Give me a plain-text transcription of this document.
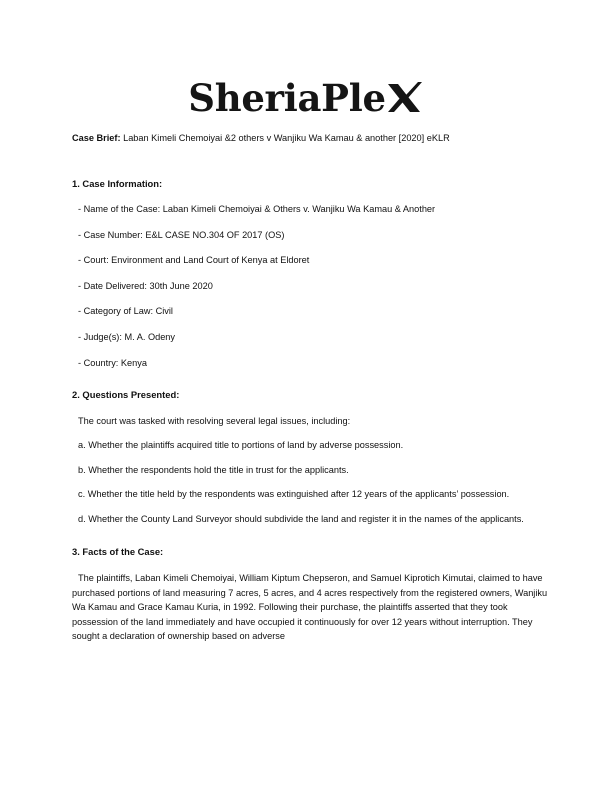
SheriaPle

Case Brief: Laban Kimeli Chemoiyai &2 others v Wanjiku Wa Kamau & another [2020] eKLR

1. Case Information:
- Name of the Case: Laban Kimeli Chemoiyai & Others v. Wanjiku Wa Kamau & Another
- Case Number: E&L CASE NO.304 OF 2017 (OS)
- Court: Environment and Land Court of Kenya at Eldoret
- Date Delivered: 30th June 2020
- Category of Law: Civil
- Judge(s): M. A. Odeny
- Country: Kenya
2. Questions Presented:

The court was tasked with resolving several legal issues, including:

a. Whether the plaintiffs acquired title to portions of land by adverse possession.

b. Whether the respondents hold the title in trust for the applicants.

c. Whether the title held by the respondents was extinguished after 12 years of the applicants’ possession.

d. Whether the County Land Surveyor should subdivide the land and register it in the names of the applicants.

3. Facts of the Case:

The plaintiffs, Laban Kimeli Chemoiyai, William Kiptum Chepseron, and Samuel Kiprotich Kimutai, claimed to have purchased portions of land measuring 7 acres, 5 acres, and 4 acres respectively from the registered owners, Wanjiku Wa Kamau and Grace Kamau Kuria, in 1992. Following their purchase, the plaintiffs asserted that they took possession of the land immediately and have occupied it continuously for over 12 years without interruption. They sought a declaration of ownership based on adverse
